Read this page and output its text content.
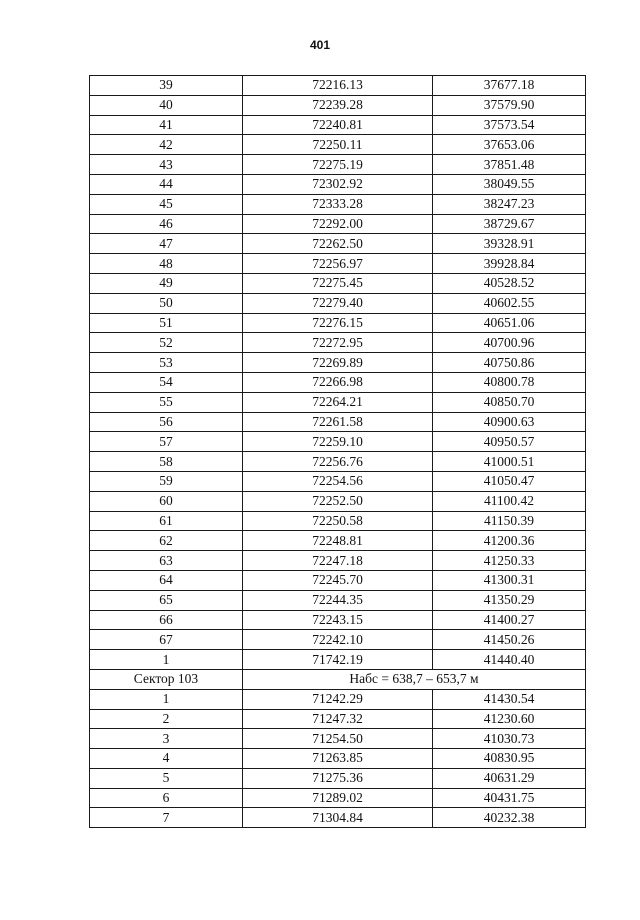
401
39	72216.13	37677.18
40	72239.28	37579.90
41	72240.81	37573.54
42	72250.11	37653.06
43	72275.19	37851.48
44	72302.92	38049.55
45	72333.28	38247.23
46	72292.00	38729.67
47	72262.50	39328.91
48	72256.97	39928.84
49	72275.45	40528.52
50	72279.40	40602.55
51	72276.15	40651.06
52	72272.95	40700.96
53	72269.89	40750.86
54	72266.98	40800.78
55	72264.21	40850.70
56	72261.58	40900.63
57	72259.10	40950.57
58	72256.76	41000.51
59	72254.56	41050.47
60	72252.50	41100.42
61	72250.58	41150.39
62	72248.81	41200.36
63	72247.18	41250.33
64	72245.70	41300.31
65	72244.35	41350.29
66	72243.15	41400.27
67	72242.10	41450.26
1	71742.19	41440.40
Сектор 103	Набс = 638,7 – 653,7 м	
1	71242.29	41430.54
2	71247.32	41230.60
3	71254.50	41030.73
4	71263.85	40830.95
5	71275.36	40631.29
6	71289.02	40431.75
7	71304.84	40232.38
